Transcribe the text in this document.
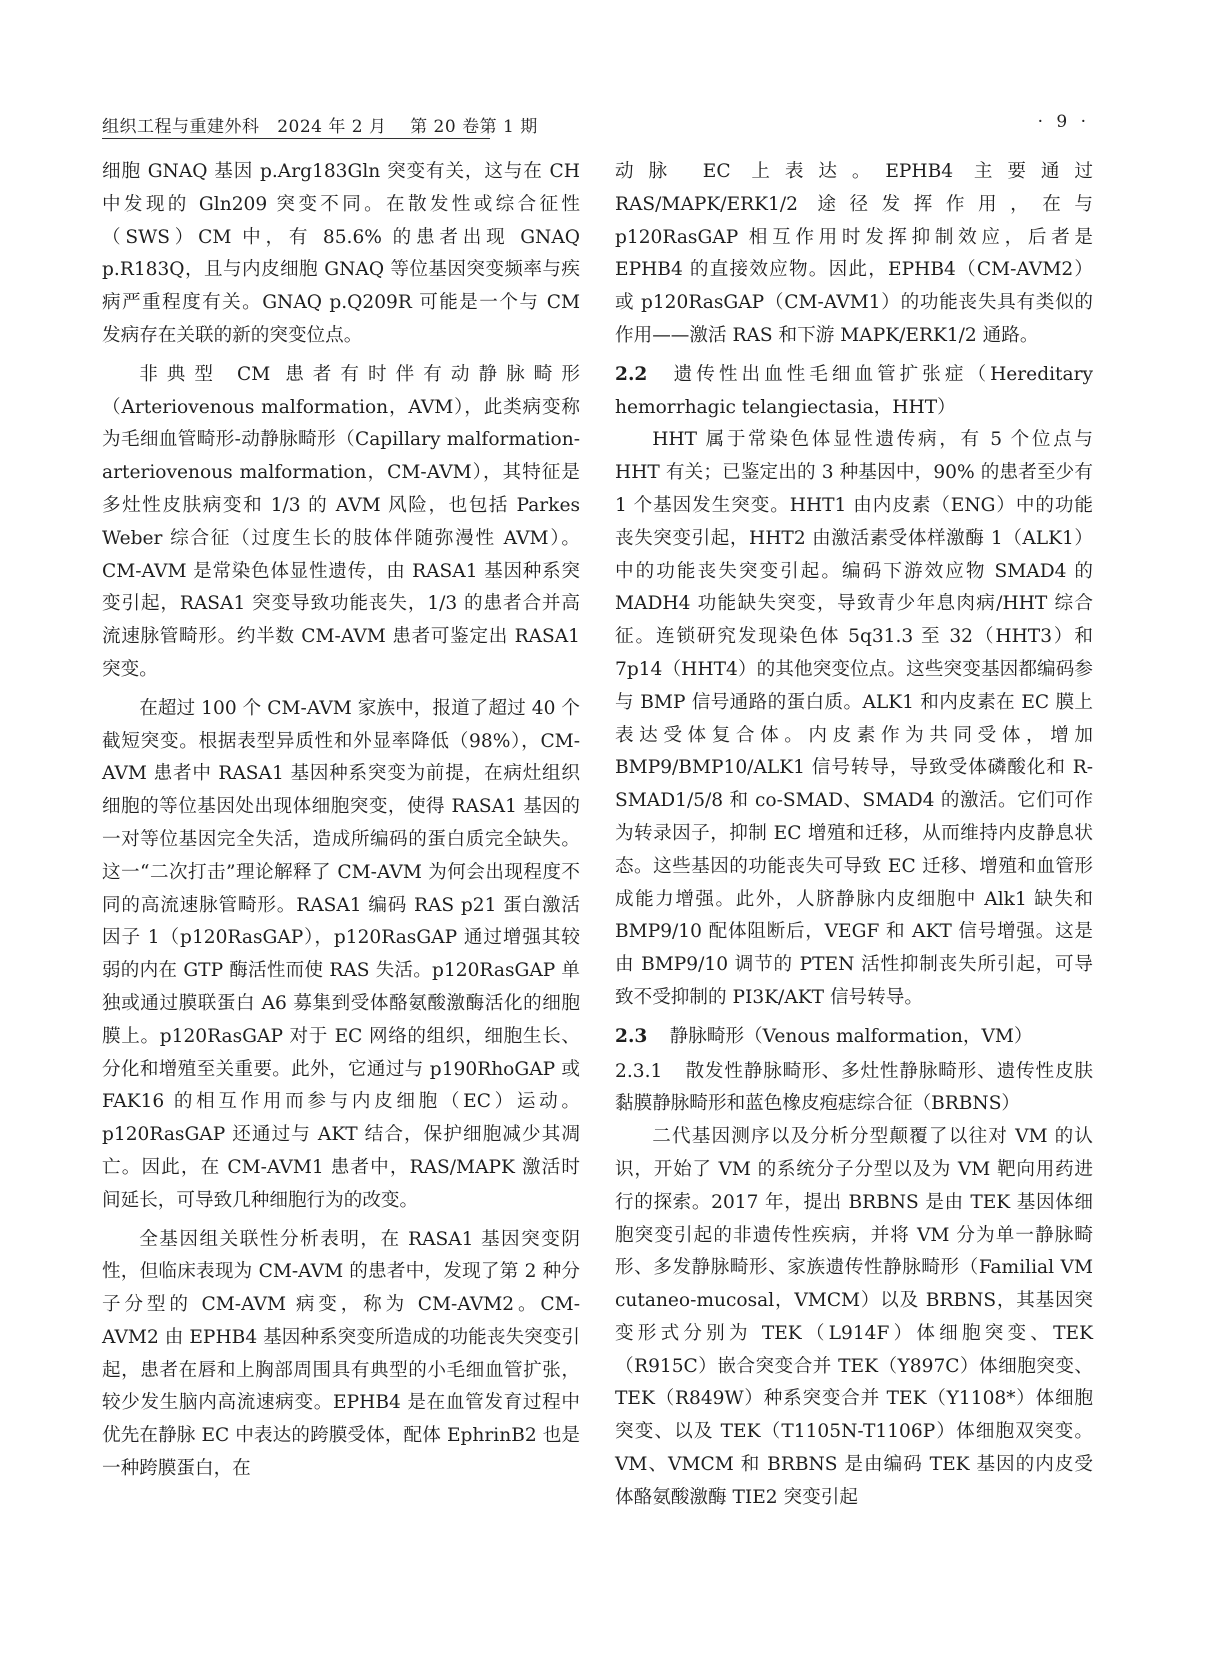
组织工程与重建外科 2024 年 2 月 第 20 卷第 1 期	· 9 ·

细胞 GNAQ 基因 p.Arg183Gln 突变有关，这与在 CH 中发现的 Gln209 突变不同。在散发性或综合征性（SWS）CM 中，有 85.6% 的患者出现 GNAQ p.R183Q，且与内皮细胞 GNAQ 等位基因突变频率与疾病严重程度有关。GNAQ p.Q209R 可能是一个与 CM 发病存在关联的新的突变位点。

非典型 CM 患者有时伴有动静脉畸形（Arteriovenous malformation，AVM），此类病变称为毛细血管畸形-动静脉畸形（Capillary malformation-arteriovenous malformation，CM-AVM），其特征是多灶性皮肤病变和 1/3 的 AVM 风险，也包括 Parkes Weber 综合征（过度生长的肢体伴随弥漫性 AVM）。CM-AVM 是常染色体显性遗传，由 RASA1 基因种系突变引起，RASA1 突变导致功能丧失，1/3 的患者合并高流速脉管畸形。约半数 CM-AVM 患者可鉴定出 RASA1 突变。

在超过 100 个 CM-AVM 家族中，报道了超过 40 个截短突变。根据表型异质性和外显率降低（98%），CM-AVM 患者中 RASA1 基因种系突变为前提，在病灶组织细胞的等位基因处出现体细胞突变，使得 RASA1 基因的一对等位基因完全失活，造成所编码的蛋白质完全缺失。这一“二次打击”理论解释了 CM-AVM 为何会出现程度不同的高流速脉管畸形。RASA1 编码 RAS p21 蛋白激活因子 1（p120RasGAP），p120RasGAP 通过增强其较弱的内在 GTP 酶活性而使 RAS 失活。p120RasGAP 单独或通过膜联蛋白 A6 募集到受体酪氨酸激酶活化的细胞膜上。p120RasGAP 对于 EC 网络的组织，细胞生长、分化和增殖至关重要。此外，它通过与 p190RhoGAP 或 FAK16 的相互作用而参与内皮细胞（EC）运动。p120RasGAP 还通过与 AKT 结合，保护细胞减少其凋亡。因此，在 CM-AVM1 患者中，RAS/MAPK 激活时间延长，可导致几种细胞行为的改变。

全基因组关联性分析表明，在 RASA1 基因突变阴性，但临床表现为 CM-AVM 的患者中，发现了第 2 种分子分型的 CM-AVM 病变，称为 CM-AVM2。CM-AVM2 由 EPHB4 基因种系突变所造成的功能丧失突变引起，患者在唇和上胸部周围具有典型的小毛细血管扩张，较少发生脑内高流速病变。EPHB4 是在血管发育过程中优先在静脉 EC 中表达的跨膜受体，配体 EphrinB2 也是一种跨膜蛋白，在

动脉 EC 上表达。EPHB4 主要通过 RAS/MAPK/ERK1/2 途径发挥作用，在与 p120RasGAP 相互作用时发挥抑制效应，后者是 EPHB4 的直接效应物。因此，EPHB4（CM-AVM2）或 p120RasGAP（CM-AVM1）的功能丧失具有类似的作用——激活 RAS 和下游 MAPK/ERK1/2 通路。

2.2 遗传性出血性毛细血管扩张症（Hereditary hemorrhagic telangiectasia，HHT）

HHT 属于常染色体显性遗传病，有 5 个位点与 HHT 有关；已鉴定出的 3 种基因中，90% 的患者至少有 1 个基因发生突变。HHT1 由内皮素（ENG）中的功能丧失突变引起，HHT2 由激活素受体样激酶 1（ALK1）中的功能丧失突变引起。编码下游效应物 SMAD4 的 MADH4 功能缺失突变，导致青少年息肉病/HHT 综合征。连锁研究发现染色体 5q31.3 至 32（HHT3）和 7p14（HHT4）的其他突变位点。这些突变基因都编码参与 BMP 信号通路的蛋白质。ALK1 和内皮素在 EC 膜上表达受体复合体。内皮素作为共同受体，增加 BMP9/BMP10/ALK1 信号转导，导致受体磷酸化和 R-SMAD1/5/8 和 co-SMAD、SMAD4 的激活。它们可作为转录因子，抑制 EC 增殖和迁移，从而维持内皮静息状态。这些基因的功能丧失可导致 EC 迁移、增殖和血管形成能力增强。此外，人脐静脉内皮细胞中 Alk1 缺失和 BMP9/10 配体阻断后，VEGF 和 AKT 信号增强。这是由 BMP9/10 调节的 PTEN 活性抑制丧失所引起，可导致不受抑制的 PI3K/AKT 信号转导。

2.3 静脉畸形（Venous malformation，VM）
2.3.1 散发性静脉畸形、多灶性静脉畸形、遗传性皮肤黏膜静脉畸形和蓝色橡皮疱痣综合征（BRBNS）

二代基因测序以及分析分型颠覆了以往对 VM 的认识，开始了 VM 的系统分子分型以及为 VM 靶向用药进行的探索。2017 年，提出 BRBNS 是由 TEK 基因体细胞突变引起的非遗传性疾病，并将 VM 分为单一静脉畸形、多发静脉畸形、家族遗传性静脉畸形（Familial VM cutaneo-mucosal，VMCM）以及 BRBNS，其基因突变形式分别为 TEK（L914F）体细胞突变、TEK（R915C）嵌合突变合并 TEK（Y897C）体细胞突变、TEK（R849W）种系突变合并 TEK（Y1108*）体细胞突变、以及 TEK（T1105N-T1106P）体细胞双突变。VM、VMCM 和 BRBNS 是由编码 TEK 基因的内皮受体酪氨酸激酶 TIE2 突变引起
